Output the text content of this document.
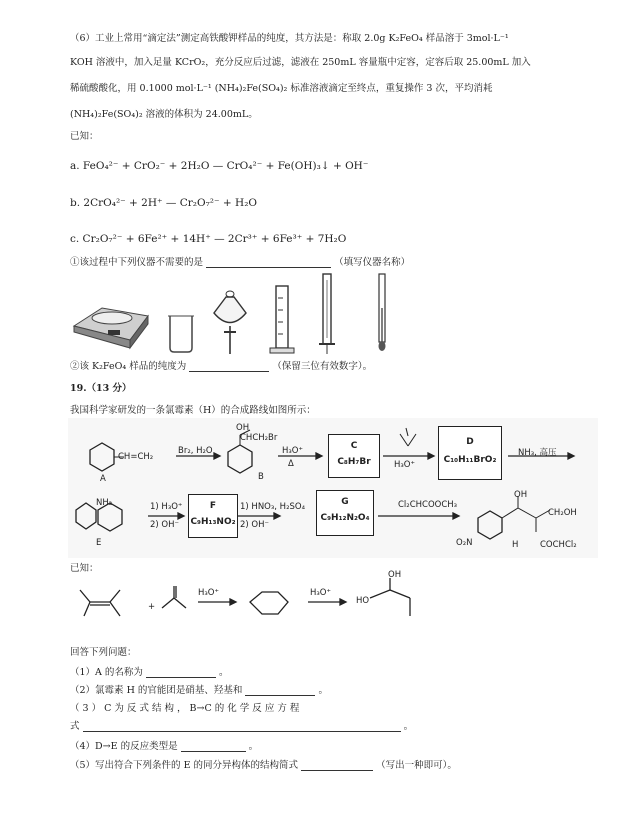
（6）工业上常用“滴定法”测定高铁酸钾样品的纯度，其方法是：称取 2.0g K₂FeO₄ 样品溶于 3mol·L⁻¹
KOH 溶液中，加入足量 KCrO₂，充分反应后过滤，滤液在 250mL 容量瓶中定容，定容后取 25.00mL 加入
稀硫酸酸化，用 0.1000 mol·L⁻¹ (NH₄)₂Fe(SO₄)₂ 标准溶液滴定至终点，重复操作 3 次，平均消耗
(NH₄)₂Fe(SO₄)₂ 溶液的体积为 24.00mL。
已知：
a. FeO₄²⁻ + CrO₂⁻ + 2H₂O — CrO₄²⁻ + Fe(OH)₃↓ + OH⁻
b. 2CrO₄²⁻ + 2H⁺ — Cr₂O₇²⁻ + H₂O
c. Cr₂O₇²⁻ + 6Fe²⁺ + 14H⁺ — 2Cr³⁺ + 6Fe³⁺ + 7H₂O
①该过程中下列仪器不需要的是	（填写仪器名称）
②该 K₂FeO₄ 样品的纯度为	（保留三位有效数字）。
19.（13 分）
我国科学家研发的一条氯霉素（H）的合成路线如图所示：
CH=CH₂
A
Br₂, H₂O
OH
CHCH₂Br
B
H₃O⁺
Δ
C
C₈H₇Br	H₃O⁺
D
C₁₀H₁₁BrO₂
NH₃, 高压
NH₂
E
1) H₃O⁺
2) OH⁻
F
C₉H₁₃NO₂
1) HNO₃, H₂SO₄
2) OH⁻
G
C₉H₁₂N₂O₄
Cl₂CHCOOCH₃
OH
CH₂OH
O₂N	H	COCHCl₂
已知：
+
H₃O⁺	H₃O⁺
OH
HO
回答下列问题：
（1）A 的名称为	。
（2）氯霉素 H 的官能团是硝基、羟基和	。
（ 3 ） C 为 反 式 结 构 ， B→C 的 化 学 反 应 方 程
式	。
（4）D→E 的反应类型是	。
（5）写出符合下列条件的 E 的同分异构体的结构简式	（写出一种即可）。
